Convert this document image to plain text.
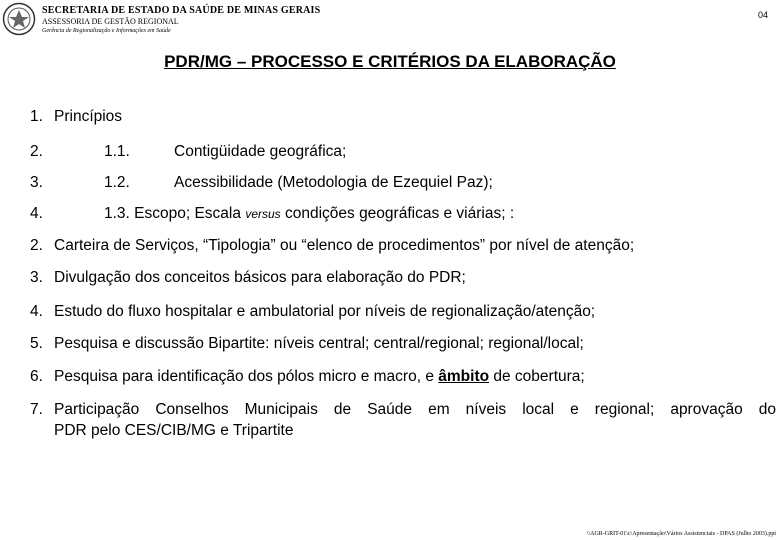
SECRETARIA DE ESTADO DA SAÚDE DE MINAS GERAIS
ASSESSORIA DE GESTÃO REGIONAL
Gerência de Regionalização e Informações em Saúde
04
PDR/MG – PROCESSO E CRITÉRIOS DA ELABORAÇÃO
1. Princípios
2.	1.1.	Contigüidade geográfica;
3.	1.2.	Acessibilidade (Metodologia de Ezequiel Paz);
4.	1.3. Escopo; Escala versus condições geográficas e viárias; :
2. Carteira de Serviços, “Tipologia” ou “elenco de procedimentos” por nível de atenção;
3. Divulgação dos conceitos básicos para elaboração do PDR;
4. Estudo do fluxo hospitalar e ambulatorial por níveis de regionalização/atenção;
5. Pesquisa e discussão Bipartite: níveis central; central/regional; regional/local;
6. Pesquisa para identificação dos pólos micro e macro, e âmbito de cobertura;
7. Participação Conselhos Municipais de Saúde em níveis local e regional; aprovação do
PDR pelo CES/CIB/MG e Tripartite
\\AGR-GRIT-01\c\Apresentação\Vários Assistenciais - DPAS (Julho 2003).ppt
